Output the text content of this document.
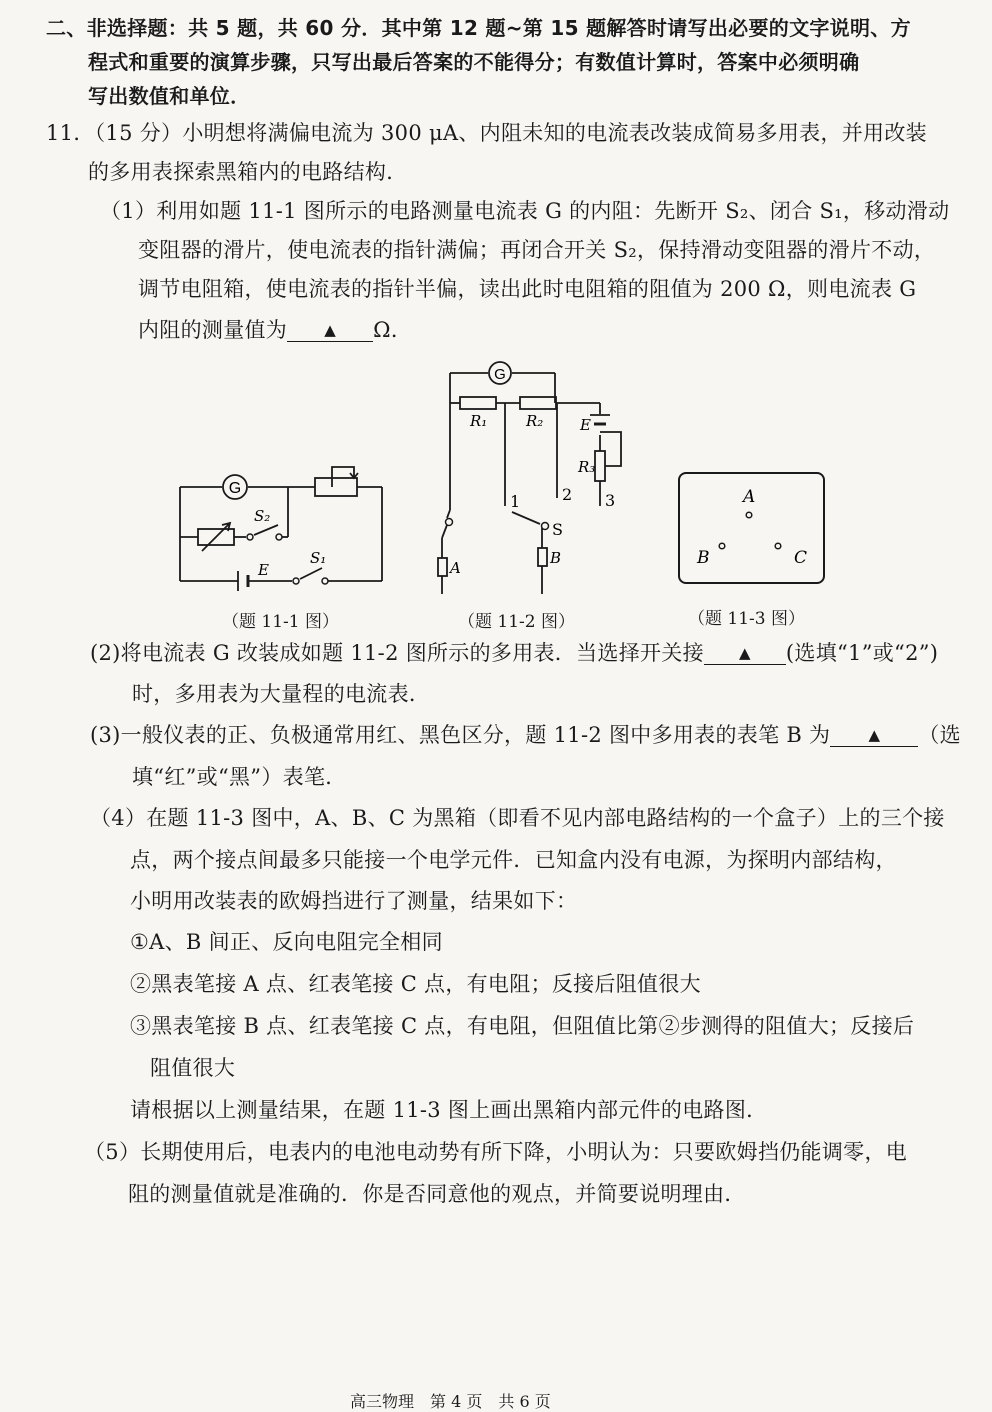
二、非选择题：共 5 题，共 60 分．其中第 12 题~第 15 题解答时请写出必要的文字说明、方
程式和重要的演算步骤，只写出最后答案的不能得分；有数值计算时，答案中必须明确
写出数值和单位．
11．（15 分）小明想将满偏电流为 300 μA、内阻未知的电流表改装成简易多用表，并用改装
的多用表探索黑箱内的电路结构．
（1）利用如题 11-1 图所示的电路测量电流表 G 的内阻：先断开 S₂、闭合 S₁，移动滑动
变阻器的滑片，使电流表的指针满偏；再闭合开关 S₂，保持滑动变阻器的滑片不动，
调节电阻箱，使电流表的指针半偏，读出此时电阻箱的阻值为 200 Ω，则电流表 G
内阻的测量值为 ▲ Ω．
G
S₂
S₁
E
G
R₁	R₂ E
R₃
1	2 3
S
A
B
A
B	C
（题 11-1 图）	（题 11-2 图）	（题 11-3 图）
(2)将电流表 G 改装成如题 11-2 图所示的多用表．当选择开关接 ▲ (选填“1”或“2”)
时，多用表为大量程的电流表．
(3)一般仪表的正、负极通常用红、黑色区分，题 11-2 图中多用表的表笔 B 为	▲ （选
填“红”或“黑”）表笔．
（4）在题 11-3 图中，A、B、C 为黑箱（即看不见内部电路结构的一个盒子）上的三个接
点，两个接点间最多只能接一个电学元件．已知盒内没有电源，为探明内部结构，
小明用改装表的欧姆挡进行了测量，结果如下：
①A、B 间正、反向电阻完全相同
②黑表笔接 A 点、红表笔接 C 点，有电阻；反接后阻值很大
③黑表笔接 B 点、红表笔接 C 点，有电阻，但阻值比第②步测得的阻值大；反接后
阻值很大
请根据以上测量结果，在题 11-3 图上画出黑箱内部元件的电路图．
（5）长期使用后，电表内的电池电动势有所下降，小明认为：只要欧姆挡仍能调零，电
阻的测量值就是准确的．你是否同意他的观点，并简要说明理由．
高三物理　第 4 页　共 6 页
